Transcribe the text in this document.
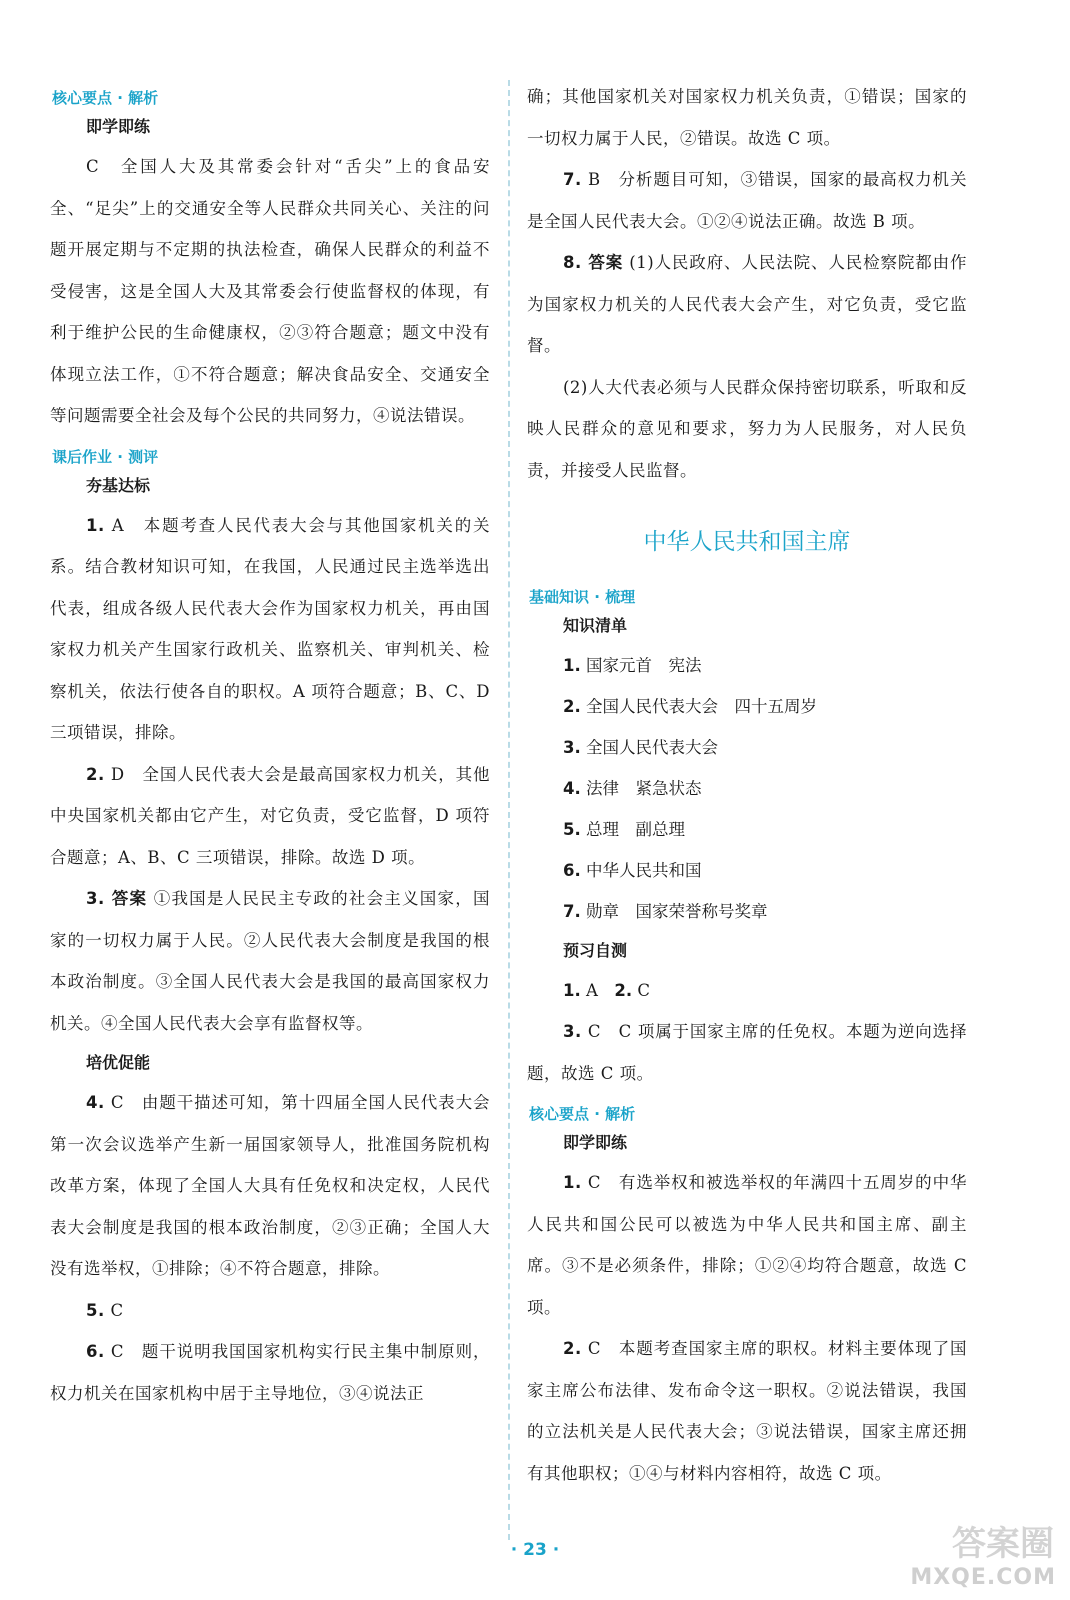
核心要点 · 解析
即学即练

C　全国人大及其常委会针对“舌尖”上的食品安全、“足尖”上的交通安全等人民群众共同关心、关注的问题开展定期与不定期的执法检查，确保人民群众的利益不受侵害，这是全国人大及其常委会行使监督权的体现，有利于维护公民的生命健康权，②③符合题意；题文中没有体现立法工作，①不符合题意；解决食品安全、交通安全等问题需要全社会及每个公民的共同努力，④说法错误。

课后作业 · 测评
夯基达标

1. A　本题考查人民代表大会与其他国家机关的关系。结合教材知识可知，在我国，人民通过民主选举选出代表，组成各级人民代表大会作为国家权力机关，再由国家权力机关产生国家行政机关、监察机关、审判机关、检察机关，依法行使各自的职权。A 项符合题意；B、C、D 三项错误，排除。

2. D　全国人民代表大会是最高国家权力机关，其他中央国家机关都由它产生，对它负责，受它监督，D 项符合题意；A、B、C 三项错误，排除。故选 D 项。

3. 答案 ①我国是人民民主专政的社会主义国家，国家的一切权力属于人民。②人民代表大会制度是我国的根本政治制度。③全国人民代表大会是我国的最高国家权力机关。④全国人民代表大会享有监督权等。

培优促能

4. C　由题干描述可知，第十四届全国人民代表大会第一次会议选举产生新一届国家领导人，批准国务院机构改革方案，体现了全国人大具有任免权和决定权，人民代表大会制度是我国的根本政治制度，②③正确；全国人大没有选举权，①排除；④不符合题意，排除。

5. C

6. C　题干说明我国国家机构实行民主集中制原则，权力机关在国家机构中居于主导地位，③④说法正

确；其他国家机关对国家权力机关负责，①错误；国家的一切权力属于人民，②错误。故选 C 项。

7. B　分析题目可知，③错误，国家的最高权力机关是全国人民代表大会。①②④说法正确。故选 B 项。

8. 答案 (1)人民政府、人民法院、人民检察院都由作为国家权力机关的人民代表大会产生，对它负责，受它监督。

(2)人大代表必须与人民群众保持密切联系，听取和反映人民群众的意见和要求，努力为人民服务，对人民负责，并接受人民监督。

中华人民共和国主席
基础知识 · 梳理
知识清单
1. 国家元首　宪法
2. 全国人民代表大会　四十五周岁
3. 全国人民代表大会
4. 法律　紧急状态
5. 总理　副总理
6. 中华人民共和国
7. 勋章　国家荣誉称号奖章
预习自测
1. A　2. C

3. C　C 项属于国家主席的任免权。本题为逆向选择题，故选 C 项。

核心要点 · 解析
即学即练

1. C　有选举权和被选举权的年满四十五周岁的中华人民共和国公民可以被选为中华人民共和国主席、副主席。③不是必须条件，排除；①②④均符合题意，故选 C 项。

2. C　本题考查国家主席的职权。材料主要体现了国家主席公布法律、发布命令这一职权。②说法错误，我国的立法机关是人民代表大会；③说法错误，国家主席还拥有其他职权；①④与材料内容相符，故选 C 项。

· 23 ·	答案圈
MXQE.COM
